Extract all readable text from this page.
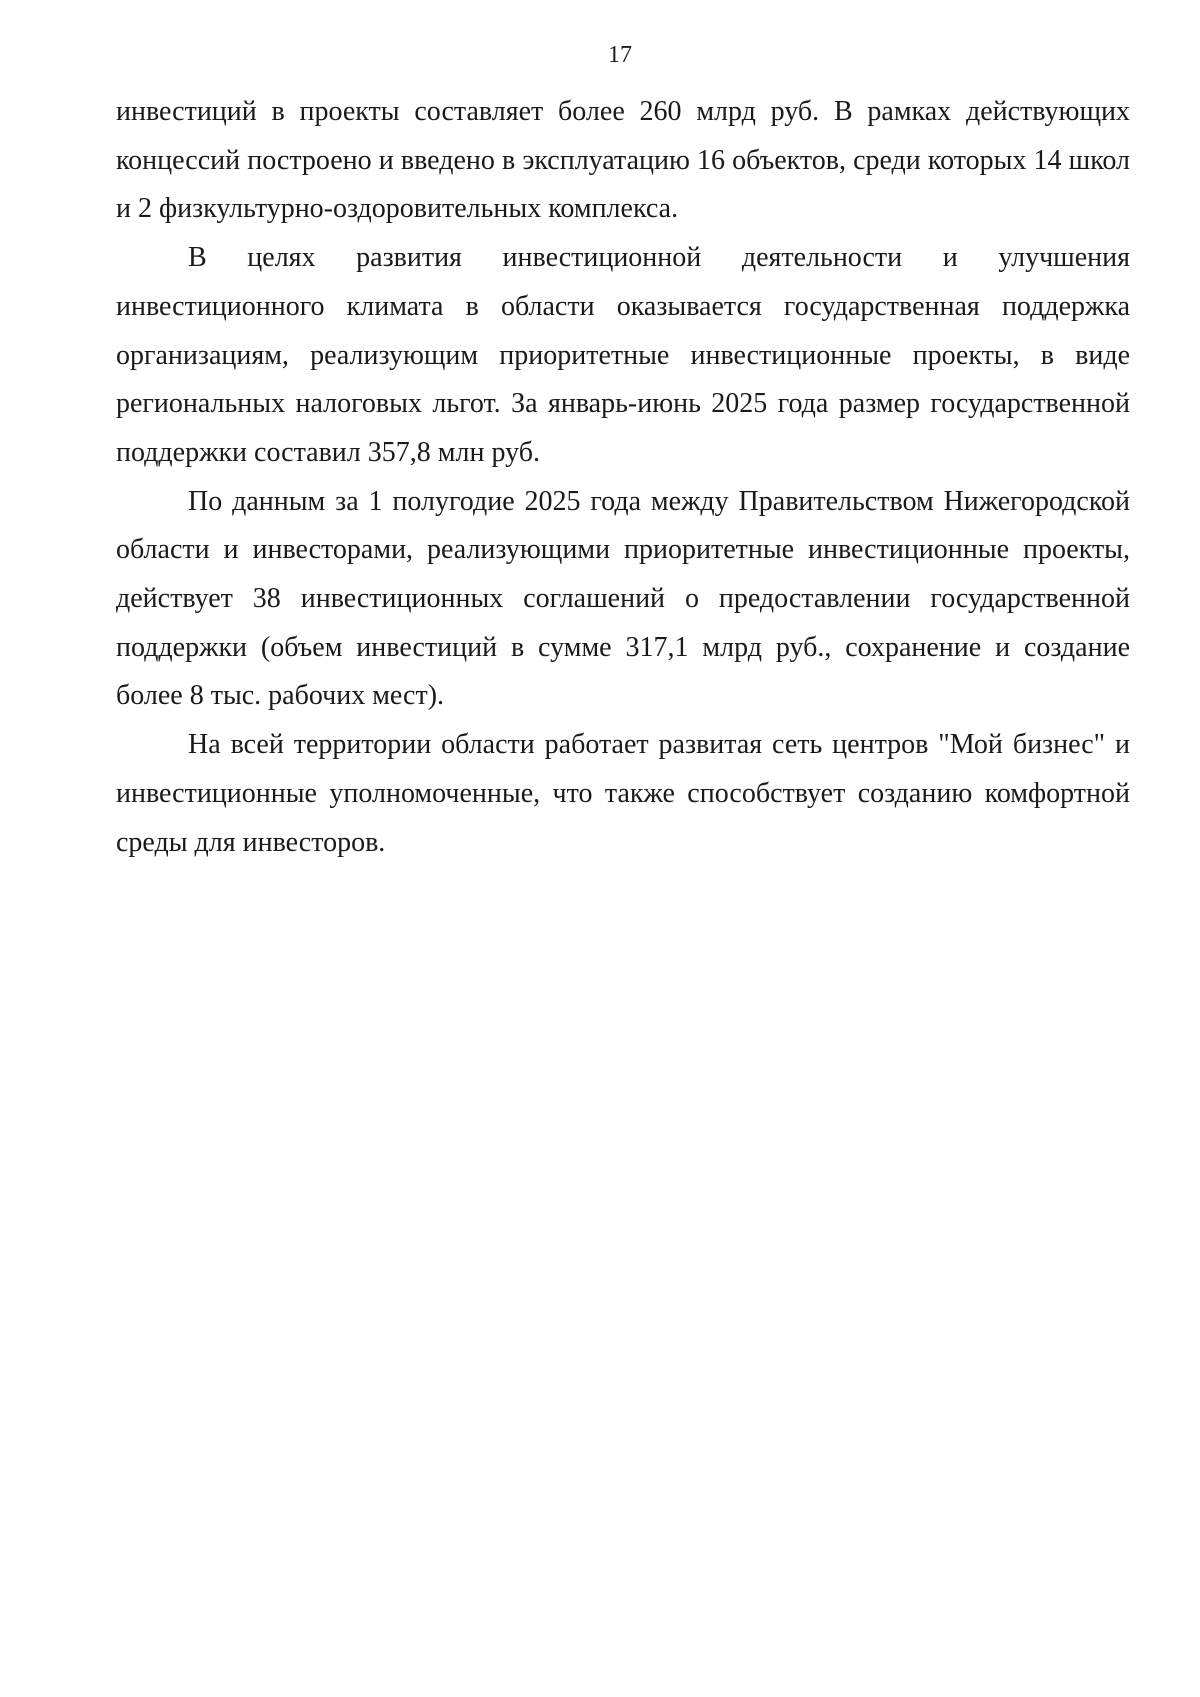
17

инвестиций в проекты составляет более 260 млрд руб. В рамках действующих концессий построено и введено в эксплуатацию 16 объектов, среди которых 14 школ и 2 физкультурно-оздоровительных комплекса.

В целях развития инвестиционной деятельности и улучшения инвестиционного климата в области оказывается государственная поддержка организациям, реализующим приоритетные инвестиционные проекты, в виде региональных налоговых льгот. За январь-июнь 2025 года размер государственной поддержки составил 357,8 млн руб.

По данным за 1 полугодие 2025 года между Правительством Нижегородской области и инвесторами, реализующими приоритетные инвестиционные проекты, действует 38 инвестиционных соглашений о предоставлении государственной поддержки (объем инвестиций в сумме 317,1 млрд руб., сохранение и создание более 8 тыс. рабочих мест).

На всей территории области работает развитая сеть центров "Мой бизнес" и инвестиционные уполномоченные, что также способствует созданию комфортной среды для инвесторов.
